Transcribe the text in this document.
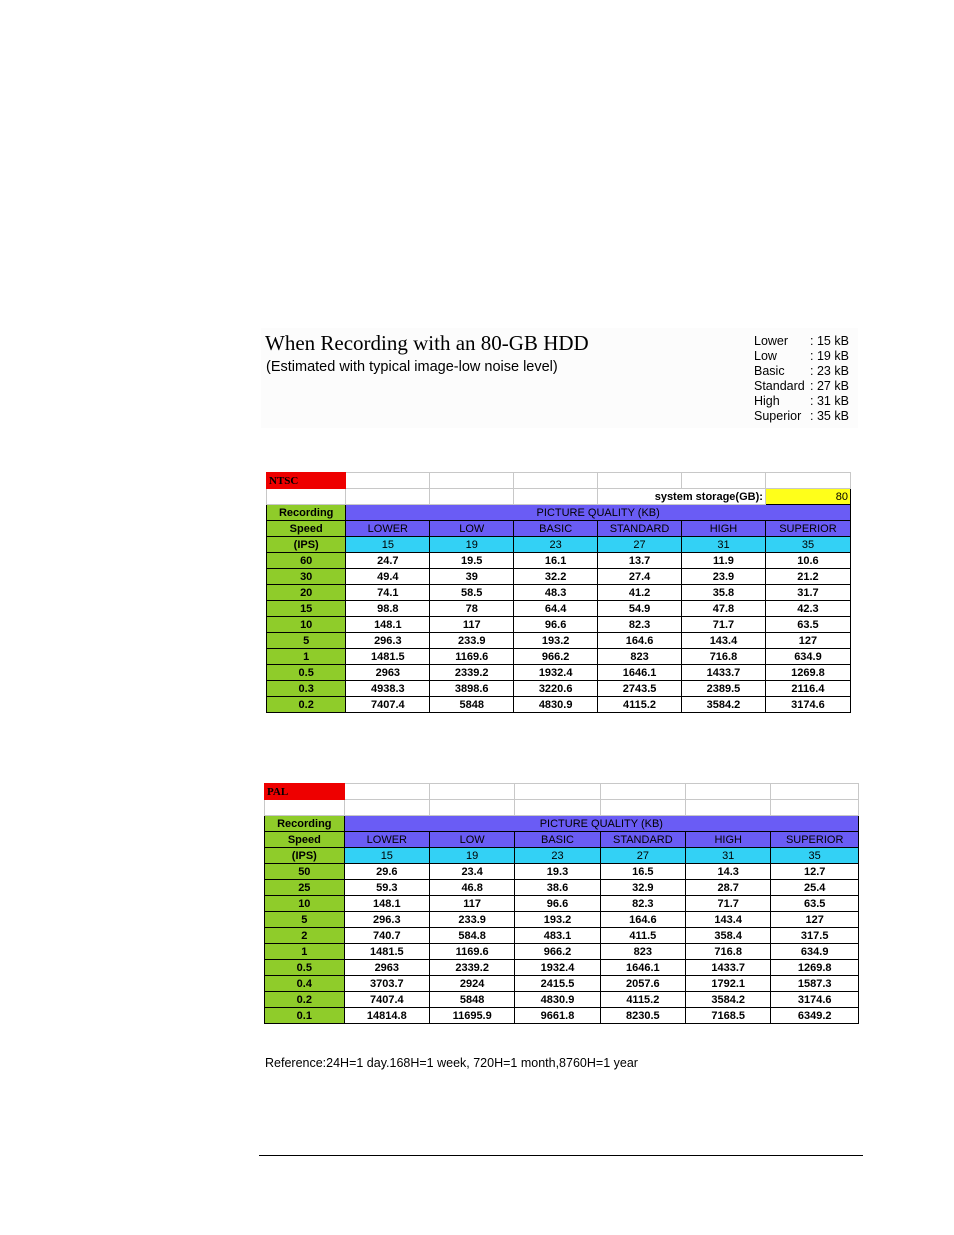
When Recording with an 80-GB HDD
(Estimated with typical image-low noise level)
Lower	: 15 kB
Low	: 19 kB
Basic	: 23 kB
Standard : 27 kB
High	: 31 kB
Superior : 35 kB
NTSC						
				system storage(GB):		80
Recording	PICTURE QUALITY (KB)					
Speed	LOWER	LOW	BASIC	STANDARD	HIGH	SUPERIOR
(IPS)	15	19	23	27	31	35
60	24.7	19.5	16.1	13.7	11.9	10.6
30	49.4	39	32.2	27.4	23.9	21.2
20	74.1	58.5	48.3	41.2	35.8	31.7
15	98.8	78	64.4	54.9	47.8	42.3
10	148.1	117	96.6	82.3	71.7	63.5
5	296.3	233.9	193.2	164.6	143.4	127
1	1481.5	1169.6	966.2	823	716.8	634.9
0.5	2963	2339.2	1932.4	1646.1	1433.7	1269.8
0.3	4938.3	3898.6	3220.6	2743.5	2389.5	2116.4
0.2	7407.4	5848	4830.9	4115.2	3584.2	3174.6
PAL						

Recording	PICTURE QUALITY (KB)					
Speed	LOWER	LOW	BASIC	STANDARD	HIGH	SUPERIOR
(IPS)	15	19	23	27	31	35
50	29.6	23.4	19.3	16.5	14.3	12.7
25	59.3	46.8	38.6	32.9	28.7	25.4
10	148.1	117	96.6	82.3	71.7	63.5
5	296.3	233.9	193.2	164.6	143.4	127
2	740.7	584.8	483.1	411.5	358.4	317.5
1	1481.5	1169.6	966.2	823	716.8	634.9
0.5	2963	2339.2	1932.4	1646.1	1433.7	1269.8
0.4	3703.7	2924	2415.5	2057.6	1792.1	1587.3
0.2	7407.4	5848	4830.9	4115.2	3584.2	3174.6
0.1	14814.8	11695.9	9661.8	8230.5	7168.5	6349.2
Reference:24H=1 day.168H=1 week, 720H=1 month,8760H=1 year
